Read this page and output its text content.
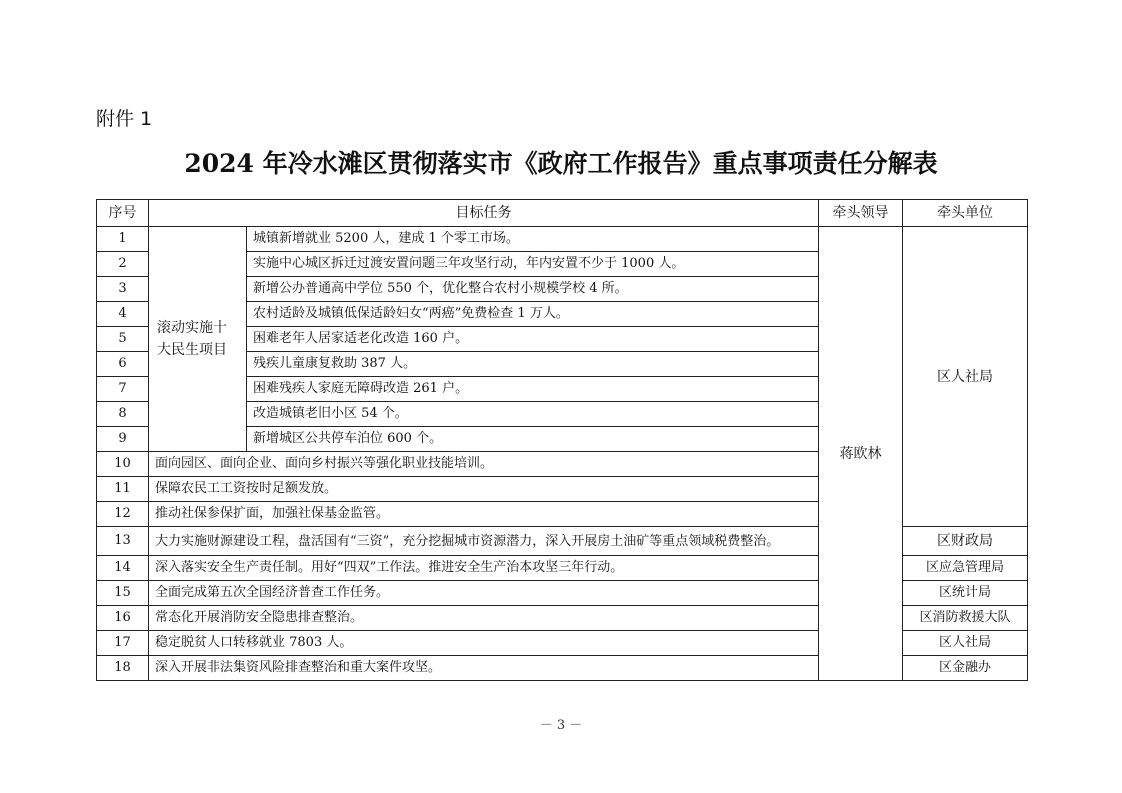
附件 1
2024 年冷水滩区贯彻落实市《政府工作报告》重点事项责任分解表
序号	目标任务		牵头领导	牵头单位
1	滚动实施十大民生项目	城镇新增就业 5200 人，建成 1 个零工市场。	蒋欧林	区人社局
2		实施中心城区拆迁过渡安置问题三年攻坚行动，年内安置不少于 1000 人。		
3		新增公办普通高中学位 550 个，优化整合农村小规模学校 4 所。		
4		农村适龄及城镇低保适龄妇女“两癌”免费检查 1 万人。		
5		困难老年人居家适老化改造 160 户。		
6		残疾儿童康复救助 387 人。		
7		困难残疾人家庭无障碍改造 261 户。		
8		改造城镇老旧小区 54 个。		
9		新增城区公共停车泊位 600 个。		
10	面向园区、面向企业、面向乡村振兴等强化职业技能培训。			
11	保障农民工工资按时足额发放。			
12	推动社保参保扩面，加强社保基金监管。			
13	大力实施财源建设工程，盘活国有“三资”，充分挖掘城市资源潜力，深入开展房土油矿等重点领域税费整治。			区财政局
14	深入落实安全生产责任制。用好“四双”工作法。推进安全生产治本攻坚三年行动。			区应急管理局
15	全面完成第五次全国经济普查工作任务。			区统计局
16	常态化开展消防安全隐患排查整治。			区消防救援大队
17	稳定脱贫人口转移就业 7803 人。			区人社局
18	深入开展非法集资风险排查整治和重大案件攻坚。			区金融办
－ 3 －
